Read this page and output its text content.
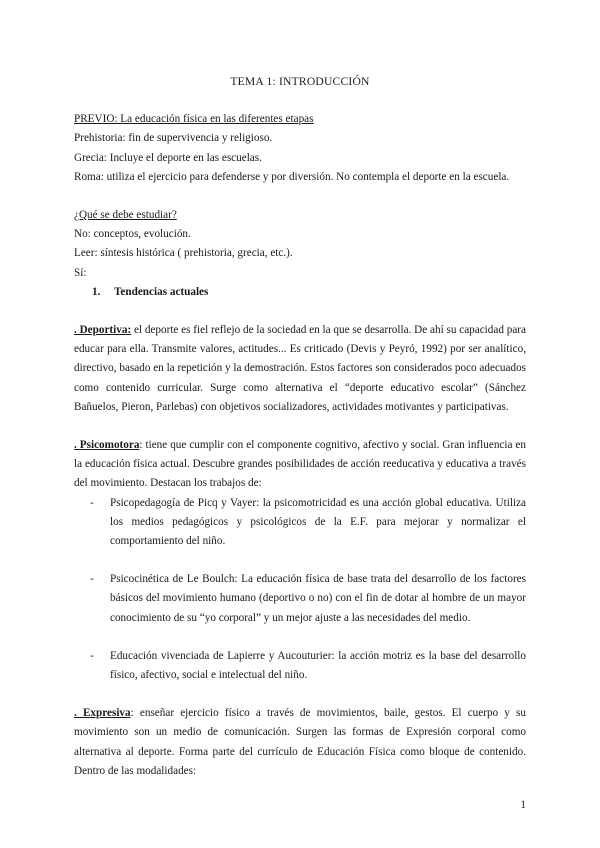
TEMA 1: INTRODUCCIÓN

PREVIO: La educación física en las diferentes etapas

Prehistoria: fin de supervivencia y religioso.

Grecia: Incluye el deporte en las escuelas.

Roma: utiliza el ejercicio para defenderse y por diversión. No contempla el deporte en la escuela.

¿Qué se debe estudiar?

No: conceptos, evolución.

Leer: síntesis histórica ( prehistoria, grecia, etc.).

Sí:

1. Tendencias actuales

. Deportiva: el deporte es fiel reflejo de la sociedad en la que se desarrolla. De ahí su capacidad para educar para ella. Transmite valores, actitudes... Es criticado (Devis y Peyró, 1992) por ser analítico, directivo, basado en la repetición y la demostración. Estos factores son considerados poco adecuados como contenido curricular. Surge como alternativa el “deporte educativo escolar” (Sánchez Bañuelos, Pieron, Parlebas) con objetivos socializadores, actividades motivantes y participativas.

. Psicomotora: tiene que cumplir con el componente cognitivo, afectivo y social. Gran influencia en la educación física actual. Descubre grandes posibilidades de acción reeducativa y educativa a través del movimiento. Destacan los trabajos de:

- Psicopedagogía de Picq y Vayer: la psicomotricidad es una acción global educativa. Utiliza los medios pedagógicos y psicológicos de la E.F. para mejorar y normalizar el comportamiento del niño.
- Psicocinética de Le Boulch: La educación física de base trata del desarrollo de los factores básicos del movimiento humano (deportivo o no) con el fin de dotar al hombre de un mayor conocimiento de su “yo corporal” y un mejor ajuste a las necesidades del medio.
- Educación vivenciada de Lapierre y Aucouturier: la acción motriz es la base del desarrollo físico, afectivo, social e intelectual del niño.

. Expresiva: enseñar ejercicio físico a través de movimientos, baile, gestos. El cuerpo y su movimiento son un medio de comunicación. Surgen las formas de Expresión corporal como alternativa al deporte. Forma parte del currículo de Educación Física como bloque de contenido. Dentro de las modalidades:

1
